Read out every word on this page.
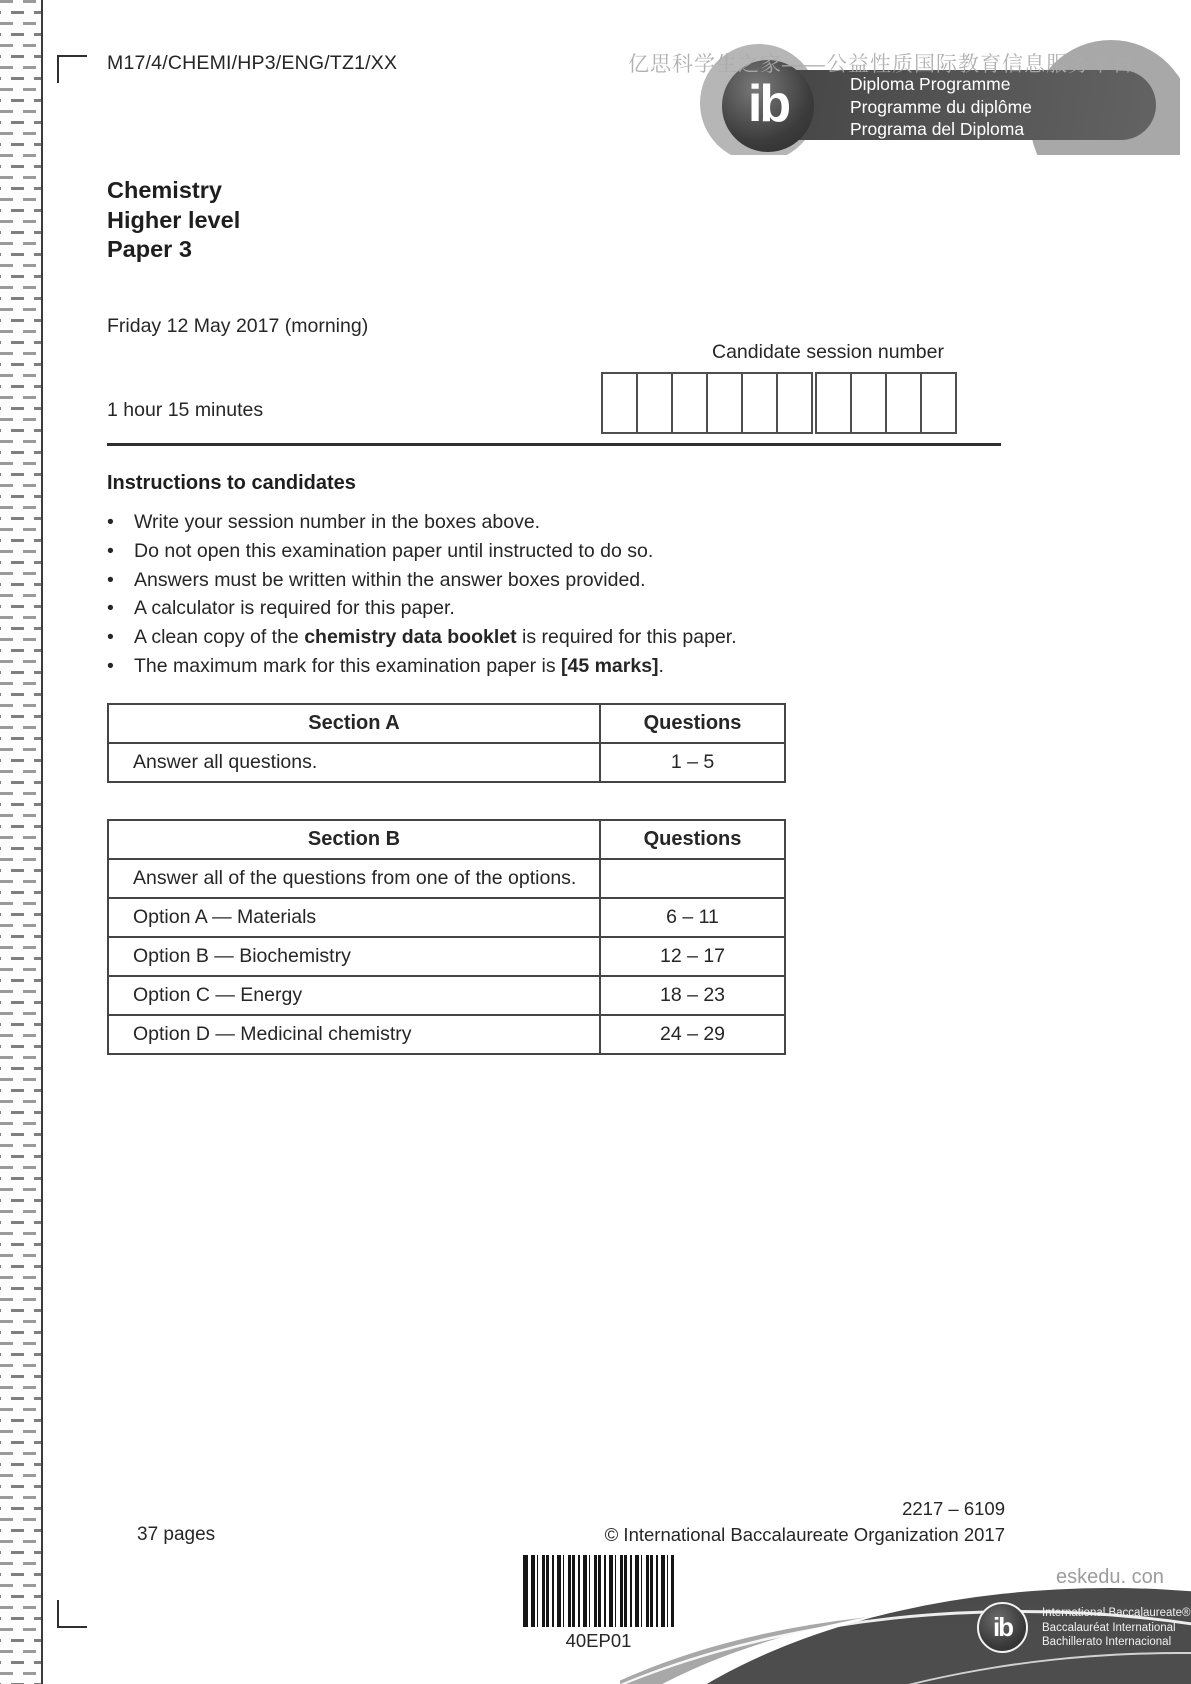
M17/4/CHEMI/HP3/ENG/TZ1/XX
Diploma Programme
Programme du diplôme
Programa del Diploma
ib
亿思科学生之家——公益性质国际教育信息服务平台
Chemistry
Higher level
Paper 3
Friday 12 May 2017 (morning)
Candidate session number
1 hour 15 minutes
Instructions to candidates
•	Write your session number in the boxes above.
•	Do not open this examination paper until instructed to do so.
•	Answers must be written within the answer boxes provided.
•	A calculator is required for this paper.
•	A clean copy of the chemistry data booklet is required for this paper.
•	The maximum mark for this examination paper is [45 marks].
Section A	Questions
Answer all questions.	1 – 5
Section B	Questions
Answer all of the questions from one of the options.
Option A — Materials	6 – 11
Option B — Biochemistry	12 – 17
Option C — Energy	18 – 23
Option D — Medicinal chemistry	24 – 29
2217 – 6109
© International Baccalaureate Organization 2017
37 pages
40EP01
eskedu. con
ib	International Baccalaureate®
Baccalauréat International
Bachillerato Internacional
